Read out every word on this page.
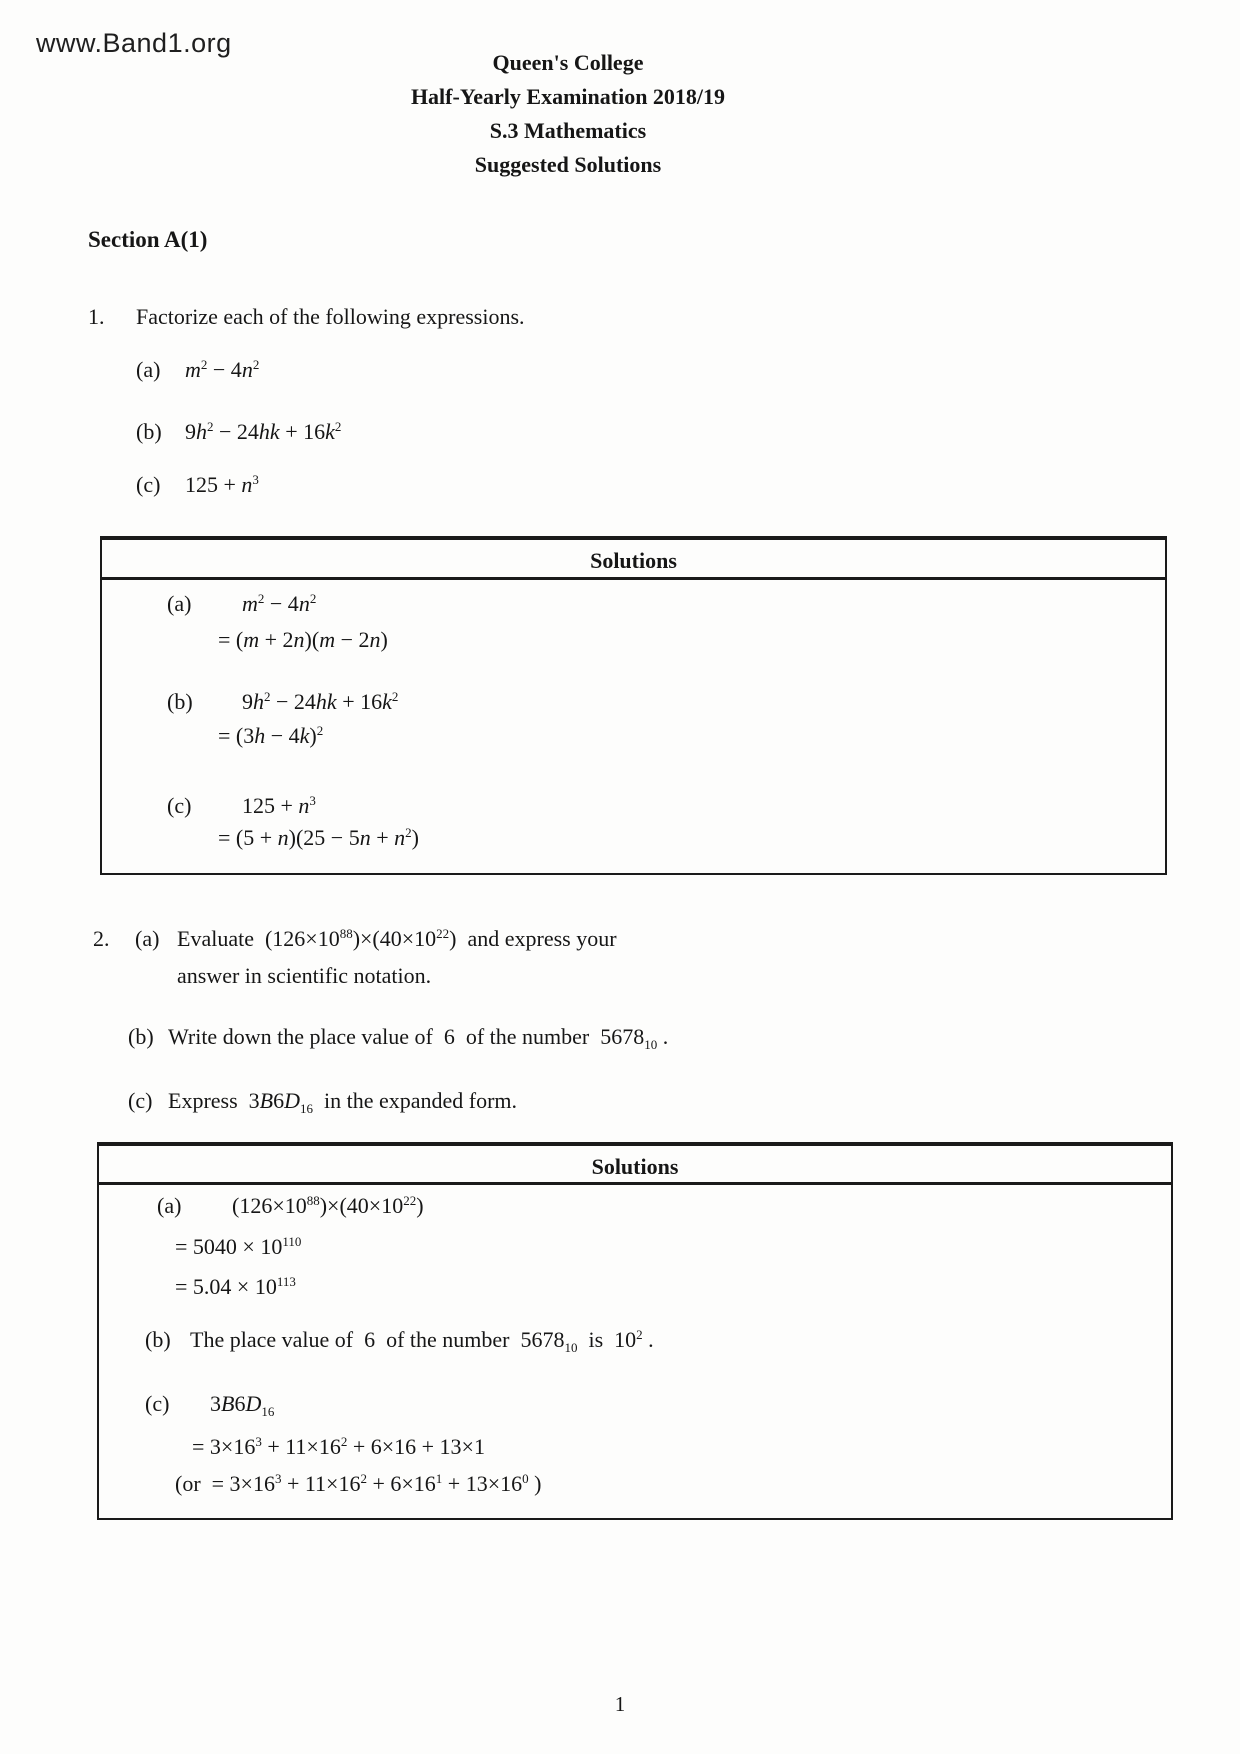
www.Band1.org
Queen's College
Half-Yearly Examination 2018/19
S.3 Mathematics
Suggested Solutions
Section A(1)
1. Factorize each of the following expressions.
(a) $m^2 - 4n^2$
(b) $9h^2 - 24hk + 16k^2$
(c) $125 + n^3$
Solutions
(a) $m^2 - 4n^2$
= (m + 2n)(m − 2n)
(b) $9h^2 - 24hk + 16k^2$
= $(3h - 4k)^2$
(c) $125 + n^3$
= $(5 + n)(25 - 5n + n^2)$
2. (a) Evaluate  $(126\times 10^{88})\times(40\times 10^{22})$  and express your
answer in scientific notation.
(b) Write down the place value of  6  of the number  $5678_{10}$ .
(c) Express  $3B6D_{16}$  in the expanded form.
Solutions
(a) $(126\times 10^{88})\times(40\times 10^{22})$
= $5040 \times 10^{110}$
= $5.04 \times 10^{113}$
(b) The place value of  6  of the number  $5678_{10}$  is  $10^2$ .
(c) $3B6D_{16}$
= $3\times 16^3 + 11\times 16^2 + 6\times 16 + 13\times 1$
($or = 3\times 16^3 + 11\times 16^2 + 6\times 16^1 + 13\times 16^0$ )
1
